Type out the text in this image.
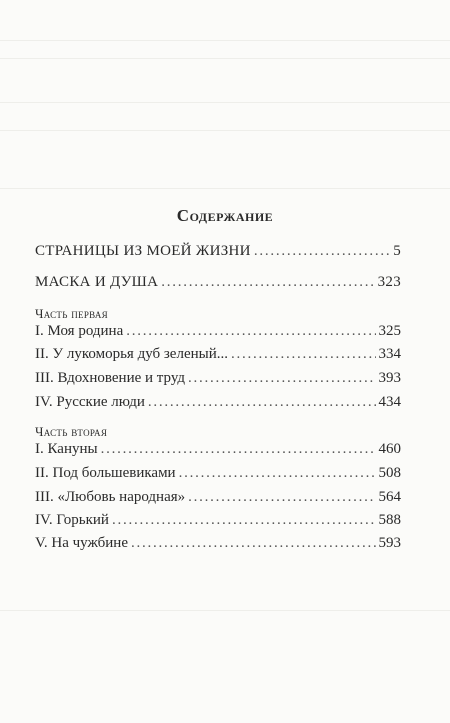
Содержание
СТРАНИЦЫ ИЗ МОЕЙ ЖИЗНИ . . .	5
МАСКА И ДУША . . .	323
Часть первая
I. Моя родина . . .	325
II. У лукоморья дуб зеленый... . . .	334
III. Вдохновение и труд . . .	393
IV. Русские люди . . .	434
Часть вторая
I. Кануны . . .	460
II. Под большевиками . . .	508
III. «Любовь народная» . . .	564
IV. Горький . . .	588
V. На чужбине . . .	593
